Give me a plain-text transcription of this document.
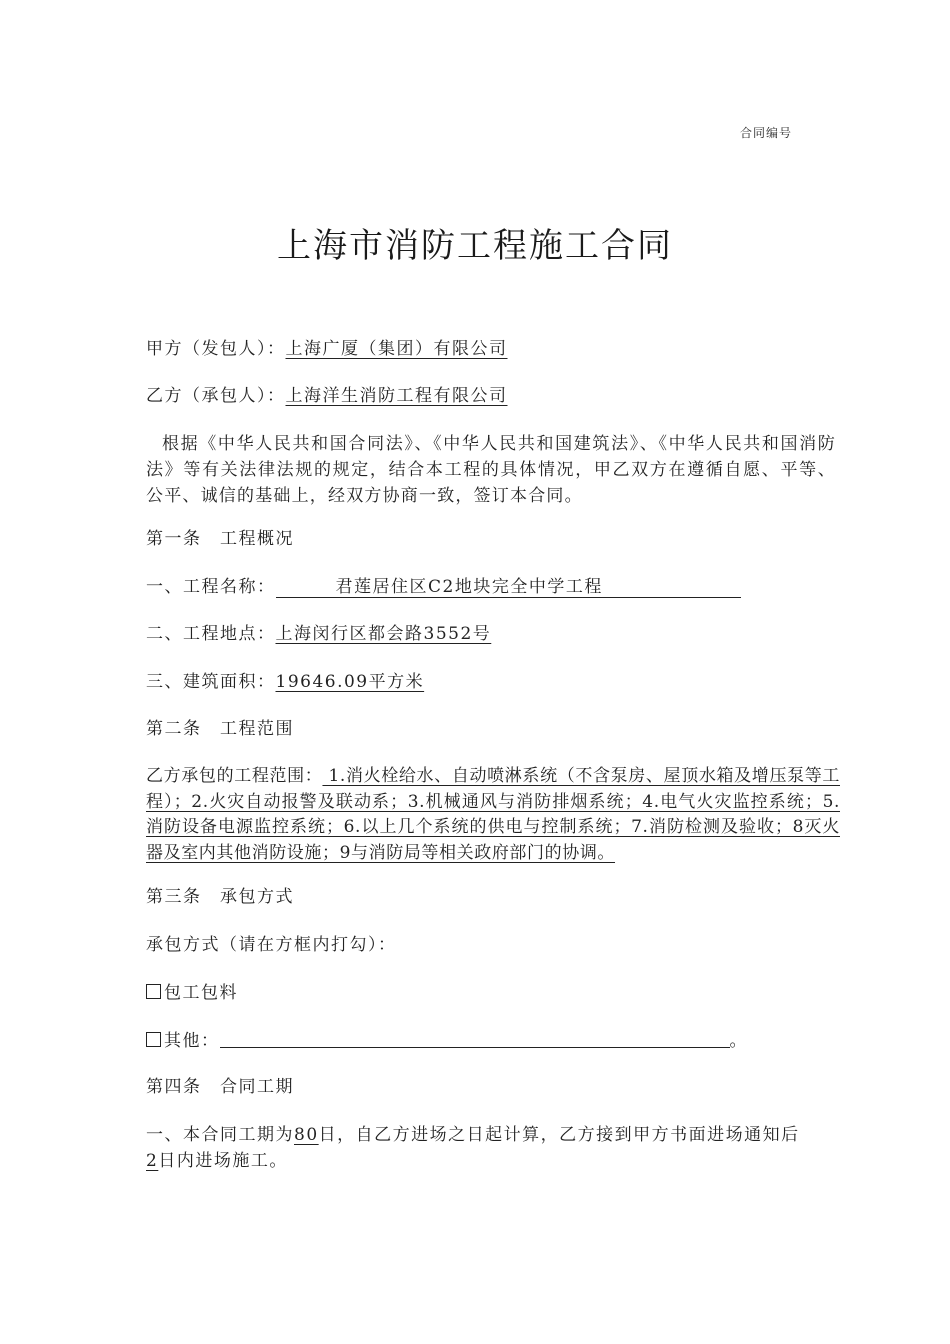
合同编号
上海市消防工程施工合同
甲方（发包人）：上海广厦（集团）有限公司
乙方（承包人）：上海洋生消防工程有限公司
根据《中华人民共和国合同法》、《中华人民共和国建筑法》、《中华人民共和国消防法》等有关法律法规的规定，结合本工程的具体情况，甲乙双方在遵循自愿、平等、公平、诚信的基础上，经双方协商一致，签订本合同。
第一条　工程概况
一、工程名称：	君莲居住区C2地块完全中学工程
二、工程地点：上海闵行区都会路3552号
三、建筑面积：19646.09平方米
第二条　工程范围
乙方承包的工程范围： 1.消火栓给水、自动喷淋系统（不含泵房、屋顶水箱及增压泵等工程）；2.火灾自动报警及联动系；3.机械通风与消防排烟系统；4.电气火灾监控系统；5.消防设备电源监控系统；6.以上几个系统的供电与控制系统；7.消防检测及验收；8灭火器及室内其他消防设施；9与消防局等相关政府部门的协调。
第三条　承包方式
承包方式（请在方框内打勾）：
包工包料
其他：	。
第四条　合同工期
一、本合同工期为80日，自乙方进场之日起计算，乙方接到甲方书面进场通知后
2日内进场施工。
